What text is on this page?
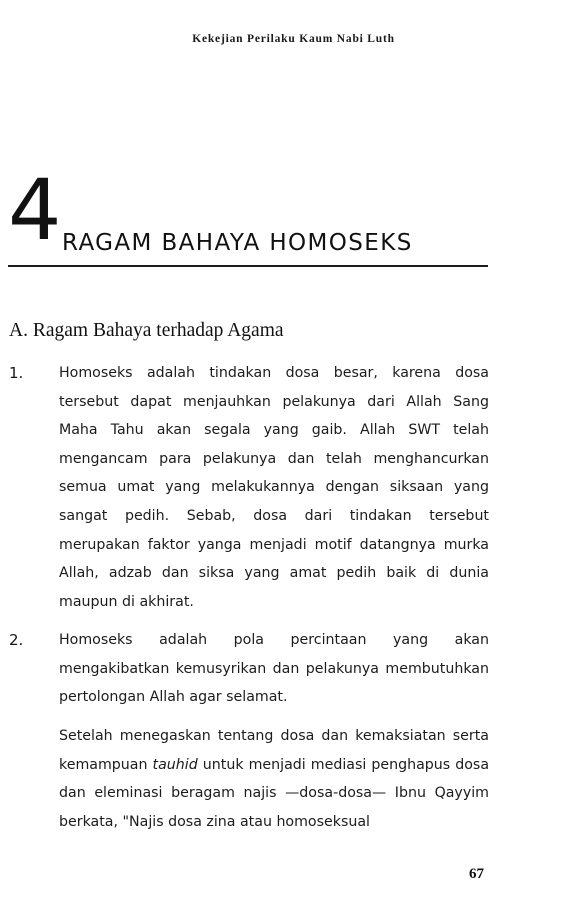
Kekejian Perilaku Kaum Nabi Luth
4 RAGAM BAHAYA HOMOSEKS
A. Ragam Bahaya terhadap Agama
1.	Homoseks adalah tindakan dosa besar, karena dosa tersebut dapat menjauhkan pelakunya dari Allah Sang Maha Tahu akan segala yang gaib. Allah SWT telah mengancam para pelakunya dan telah menghancurkan semua umat yang melakukannya dengan siksaan yang sangat pedih. Sebab, dosa dari tindakan tersebut merupakan faktor yanga menjadi motif datangnya murka Allah, adzab dan siksa yang amat pedih baik di dunia maupun di akhirat.
2.	Homoseks adalah pola percintaan yang akan mengakibatkan kemusyrikan dan pelakunya membutuhkan pertolongan Allah agar selamat.
Setelah menegaskan tentang dosa dan kemaksiatan serta kemampuan tauhid untuk menjadi mediasi penghapus dosa dan eleminasi beragam najis —dosa-dosa— Ibnu Qayyim berkata, "Najis dosa zina atau homoseksual
67
